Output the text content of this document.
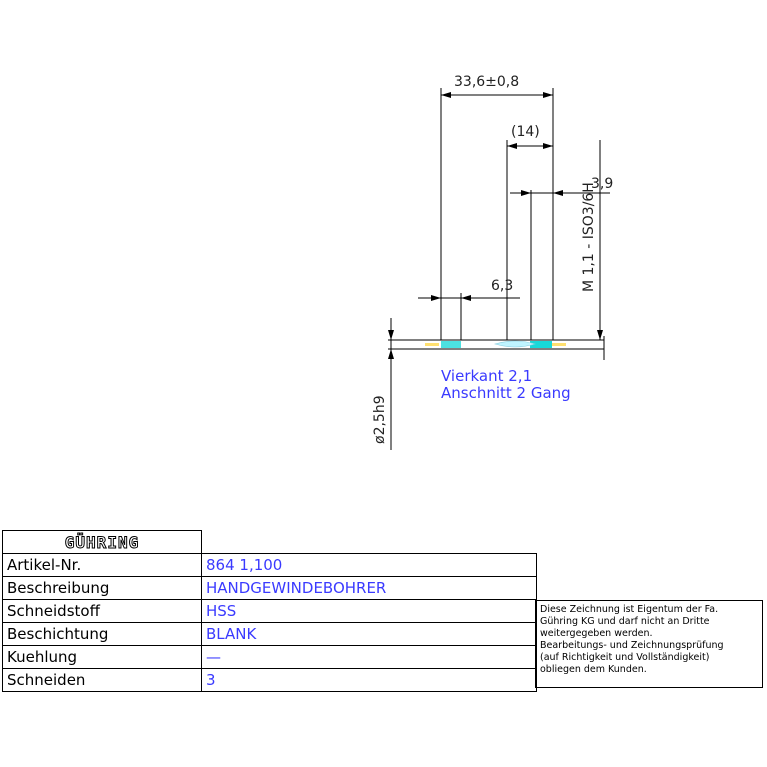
33,6±0,8
(14)
3,9
6,3	M 1,1 - ISO3/6H
ø2,5h9
Vierkant 2,1
Anschnitt 2 Gang
GÜHRING	
Artikel-Nr.	864 1,100
Beschreibung	HANDGEWINDEBOHRER
Schneidstoff	HSS
Beschichtung	BLANK
Kuehlung	—
Schneiden	3
Diese Zeichnung ist Eigentum der Fa.
Gühring KG und darf nicht an Dritte
weitergegeben werden.
Bearbeitungs- und Zeichnungsprüfung
(auf Richtigkeit und Vollständigkeit)
obliegen dem Kunden.
